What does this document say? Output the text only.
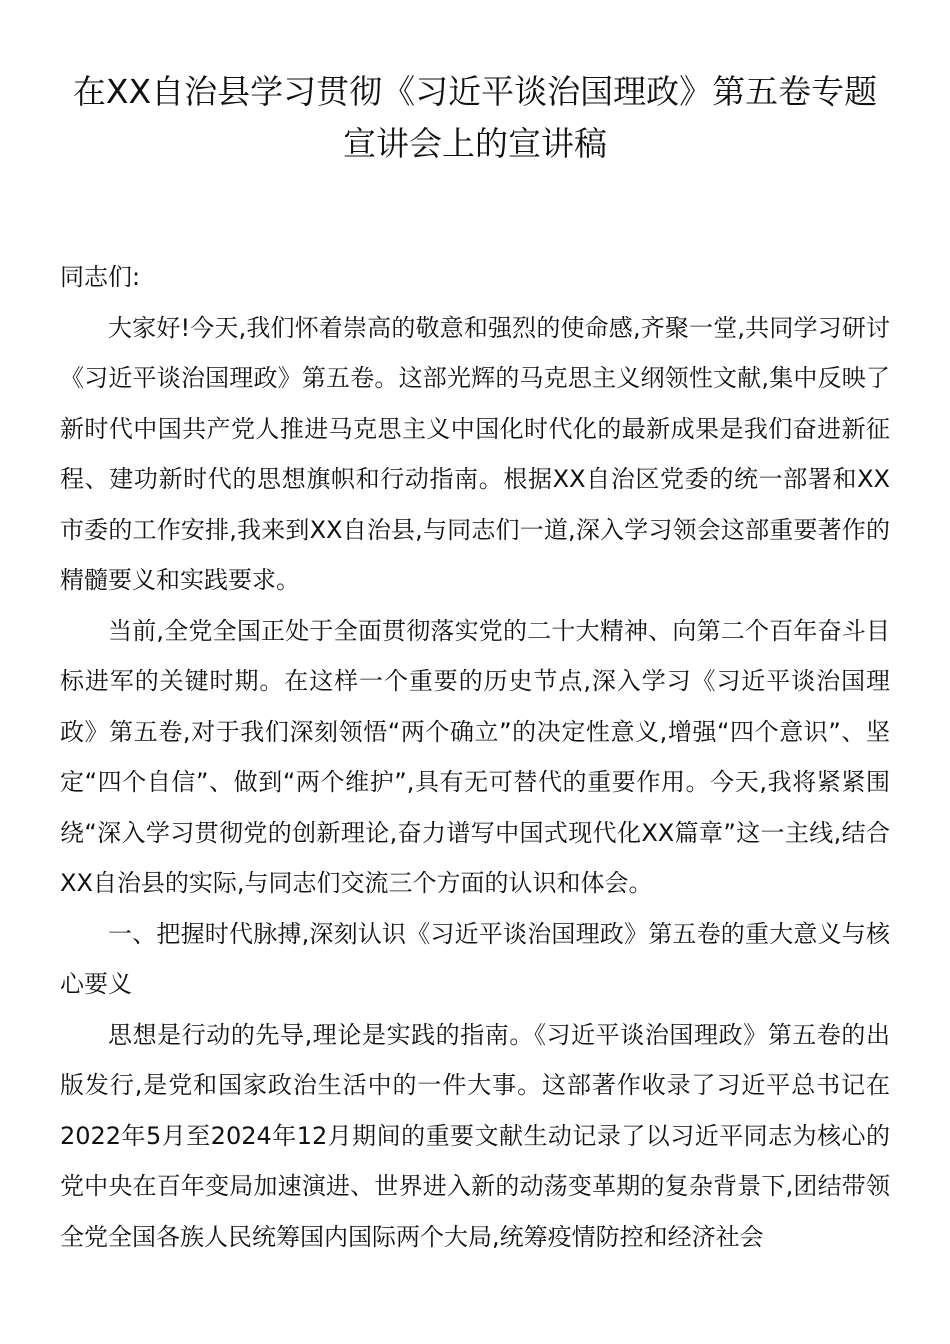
在XX自治县学习贯彻《习近平谈治国理政》第五卷专题宣讲会上的宣讲稿

同志们:

大家好!今天,我们怀着崇高的敬意和强烈的使命感,齐聚一堂,共同学习研讨《习近平谈治国理政》第五卷。这部光辉的马克思主义纲领性文献,集中反映了新时代中国共产党人推进马克思主义中国化时代化的最新成果是我们奋进新征程、建功新时代的思想旗帜和行动指南。根据XX自治区党委的统一部署和XX市委的工作安排,我来到XX自治县,与同志们一道,深入学习领会这部重要著作的精髓要义和实践要求。

当前,全党全国正处于全面贯彻落实党的二十大精神、向第二个百年奋斗目标进军的关键时期。在这样一个重要的历史节点,深入学习《习近平谈治国理政》第五卷,对于我们深刻领悟“两个确立”的决定性意义,增强“四个意识”、坚定“四个自信”、做到“两个维护”,具有无可替代的重要作用。今天,我将紧紧围绕“深入学习贯彻党的创新理论,奋力谱写中国式现代化XX篇章”这一主线,结合XX自治县的实际,与同志们交流三个方面的认识和体会。

一、把握时代脉搏,深刻认识《习近平谈治国理政》第五卷的重大意义与核心要义

思想是行动的先导,理论是实践的指南。《习近平谈治国理政》第五卷的出版发行,是党和国家政治生活中的一件大事。这部著作收录了习近平总书记在2022年5月至2024年12月期间的重要文献生动记录了以习近平同志为核心的党中央在百年变局加速演进、世界进入新的动荡变革期的复杂背景下,团结带领全党全国各族人民统筹国内国际两个大局,统筹疫情防控和经济社会
